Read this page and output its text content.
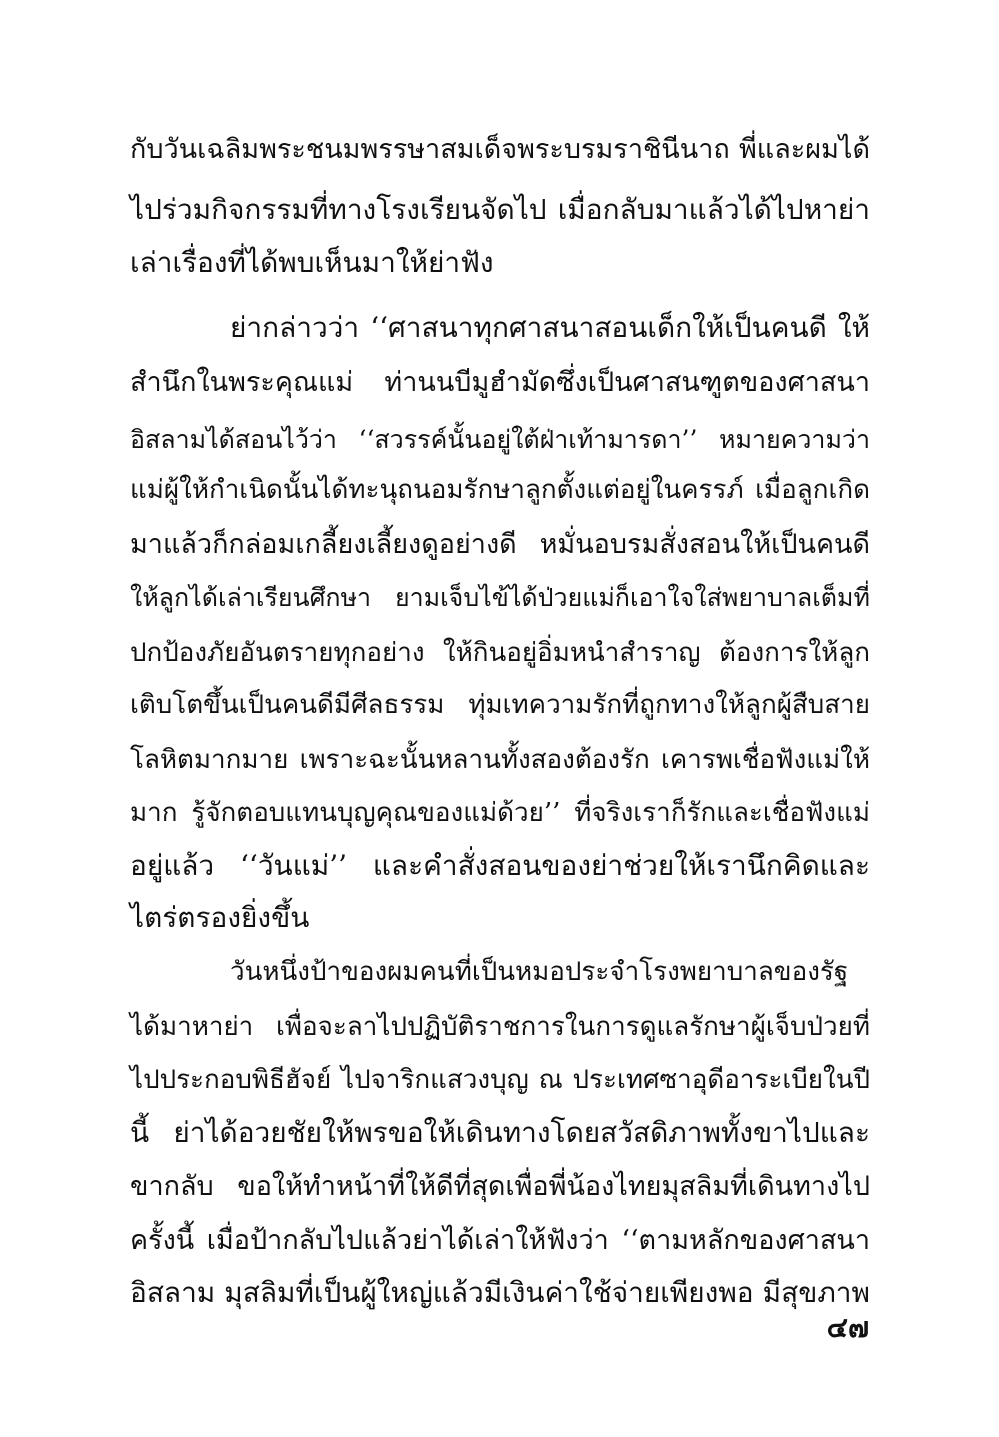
กับวันเฉลิมพระชนมพรรษาสมเด็จพระบรมราชินีนาถ พี่และผมได้
ไปร่วมกิจกรรมที่ทางโรงเรียนจัดไป เมื่อกลับมาแล้วได้ไปหาย่า
เล่าเรื่องที่ได้พบเห็นมาให้ย่าฟัง
ย่ากล่าวว่า ‘‘ศาสนาทุกศาสนาสอนเด็กให้เป็นคนดี ให้
สำนึกในพระคุณแม่ ท่านนบีมูฮำมัดซึ่งเป็นศาสนฑูตของศาสนา
อิสลามได้สอนไว้ว่า ‘‘สวรรค์นั้นอยู่ใต้ฝ่าเท้ามารดา’’ หมายความว่า
แม่ผู้ให้กำเนิดนั้นได้ทะนุถนอมรักษาลูกตั้งแต่อยู่ในครรภ์ เมื่อลูกเกิด
มาแล้วก็กล่อมเกลี้ยงเลี้ยงดูอย่างดี หมั่นอบรมสั่งสอนให้เป็นคนดี
ให้ลูกได้เล่าเรียนศึกษา ยามเจ็บไข้ได้ป่วยแม่ก็เอาใจใส่พยาบาลเต็มที่
ปกป้องภัยอันตรายทุกอย่าง ให้กินอยู่อิ่มหนำสำราญ ต้องการให้ลูก
เติบโตขึ้นเป็นคนดีมีศีลธรรม ทุ่มเทความรักที่ถูกทางให้ลูกผู้สืบสาย
โลหิตมากมาย เพราะฉะนั้นหลานทั้งสองต้องรัก เคารพเชื่อฟังแม่ให้
มาก รู้จักตอบแทนบุญคุณของแม่ด้วย’’ ที่จริงเราก็รักและเชื่อฟังแม่
อยู่แล้ว ‘‘วันแม่’’ และคำสั่งสอนของย่าช่วยให้เรานึกคิดและ
ไตร่ตรองยิ่งขึ้น
วันหนึ่งป้าของผมคนที่เป็นหมอประจำโรงพยาบาลของรัฐ
ได้มาหาย่า เพื่อจะลาไปปฏิบัติราชการในการดูแลรักษาผู้เจ็บป่วยที่
ไปประกอบพิธีฮัจย์ ไปจาริกแสวงบุญ ณ ประเทศซาอุดีอาระเบียในปี
นี้ ย่าได้อวยชัยให้พรขอให้เดินทางโดยสวัสดิภาพทั้งขาไปและ
ขากลับ ขอให้ทำหน้าที่ให้ดีที่สุดเพื่อพี่น้องไทยมุสลิมที่เดินทางไป
ครั้งนี้ เมื่อป้ากลับไปแล้วย่าได้เล่าให้ฟังว่า ‘‘ตามหลักของศาสนา
อิสลาม มุสลิมที่เป็นผู้ใหญ่แล้วมีเงินค่าใช้จ่ายเพียงพอ มีสุขภาพ
๔๗
